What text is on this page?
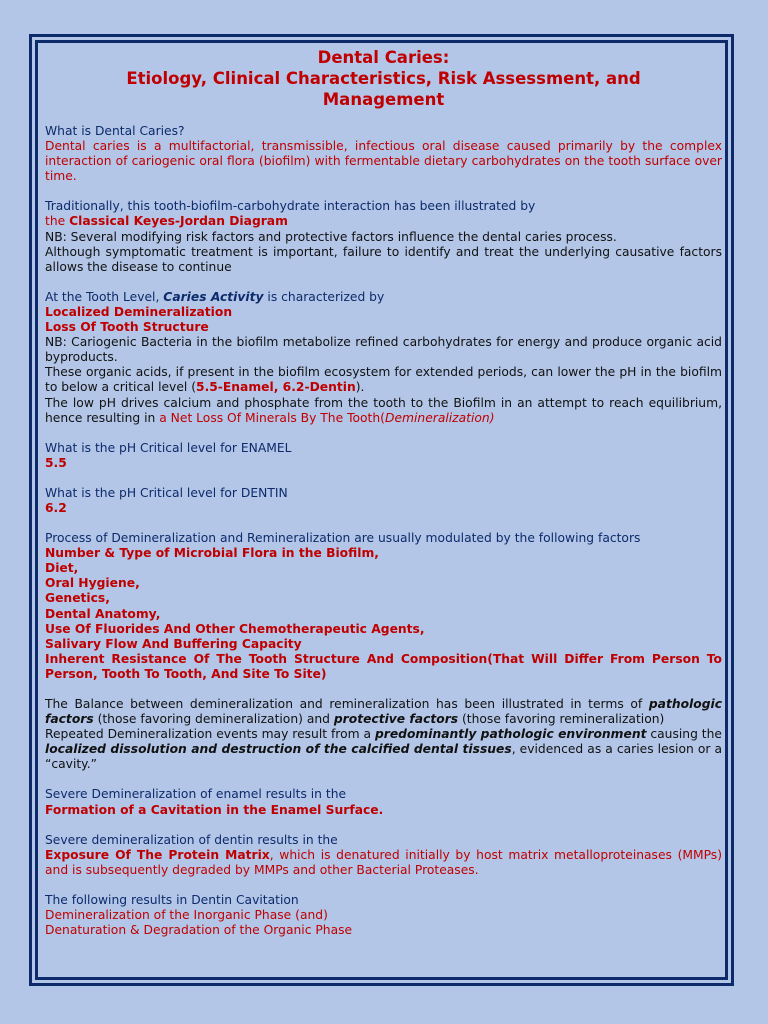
Dental Caries:
Etiology, Clinical Characteristics, Risk Assessment, and
Management

What is Dental Caries?

Dental caries is a multifactorial, transmissible, infectious oral disease caused primarily by the complex interaction of cariogenic oral flora (biofilm) with fermentable dietary carbohydrates on the tooth surface over time.

Traditionally, this tooth-biofilm-carbohydrate interaction has been illustrated by

the Classical Keyes-Jordan Diagram

NB: Several modifying risk factors and protective factors influence the dental caries process.

Although symptomatic treatment is important, failure to identify and treat the underlying causative factors allows the disease to continue

At the Tooth Level, Caries Activity is characterized by

Localized Demineralization

Loss Of Tooth Structure

NB: Cariogenic Bacteria in the biofilm metabolize refined carbohydrates for energy and produce organic acid byproducts.

These organic acids, if present in the biofilm ecosystem for extended periods, can lower the pH in the biofilm to below a critical level (5.5-Enamel, 6.2-Dentin).

The low pH drives calcium and phosphate from the tooth to the Biofilm in an attempt to reach equilibrium, hence resulting in a Net Loss Of Minerals By The Tooth(Demineralization)

What is the pH Critical level for ENAMEL

5.5

What is the pH Critical level for DENTIN

6.2

Process of Demineralization and Remineralization are usually modulated by the following factors

Number & Type of Microbial Flora in the Biofilm,

Diet,

Oral Hygiene,

Genetics,

Dental Anatomy,

Use Of Fluorides And Other Chemotherapeutic Agents,

Salivary Flow And Buffering Capacity

Inherent Resistance Of The Tooth Structure And Composition(That Will Differ From Person To Person, Tooth To Tooth, And Site To Site)

The Balance between demineralization and remineralization has been illustrated in terms of pathologic factors (those favoring demineralization) and protective factors (those favoring remineralization)

Repeated Demineralization events may result from a predominantly pathologic environment causing the localized dissolution and destruction of the calcified dental tissues, evidenced as a caries lesion or a “cavity.”

Severe Demineralization of enamel results in the

Formation of a Cavitation in the Enamel Surface.

Severe demineralization of dentin results in the

Exposure Of The Protein Matrix, which is denatured initially by host matrix metalloproteinases (MMPs) and is subsequently degraded by MMPs and other Bacterial Proteases.

The following results in Dentin Cavitation

Demineralization of the Inorganic Phase (and)

Denaturation & Degradation of the Organic Phase
